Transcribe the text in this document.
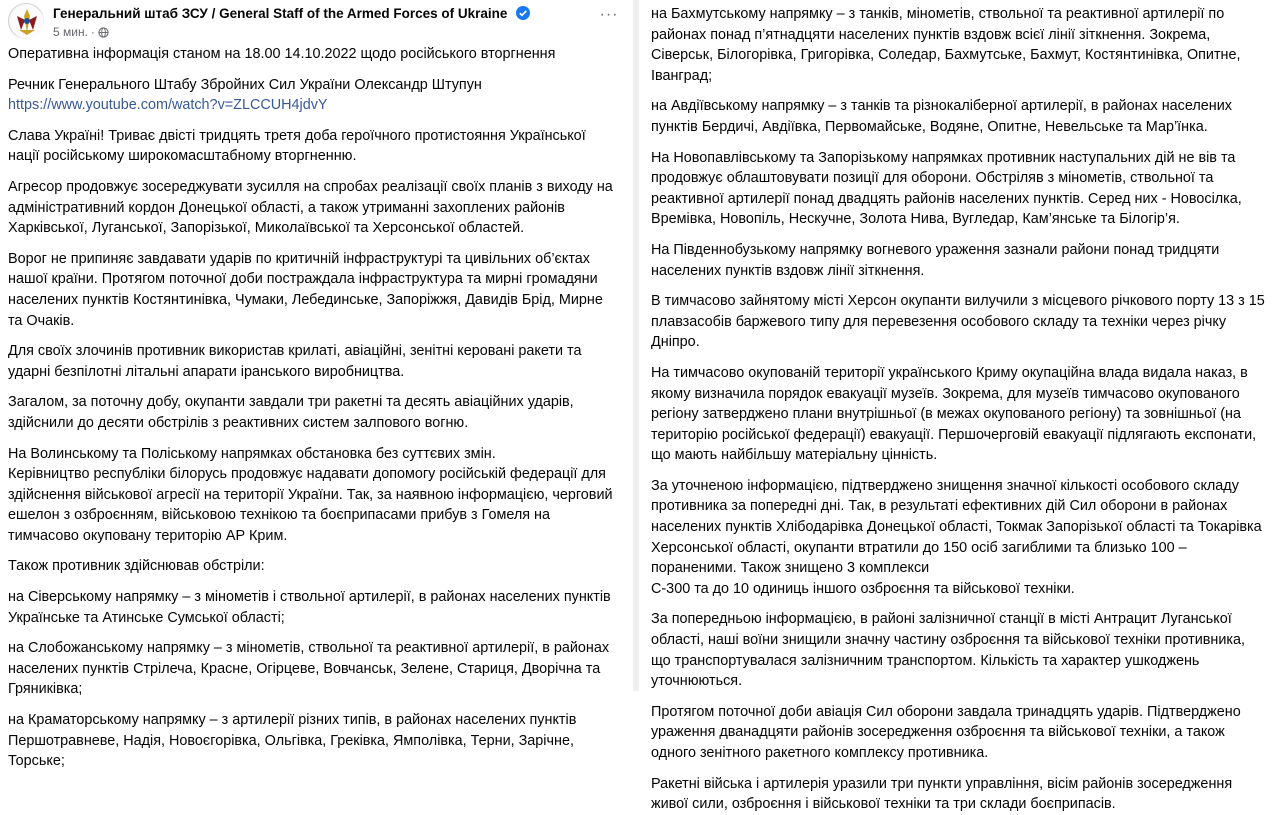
Генеральний штаб ЗСУ / General Staff of the Armed Forces of Ukraine
5 мин. ·
···

Оперативна інформація станом на 18.00 14.10.2022 щодо російського вторгнення

Речник Генерального Штабу Збройних Сил України Олександр Штупун
https://www.youtube.com/watch?v=ZLCCUH4jdvY

Слава Україні! Триває двісті тридцять третя доба героїчного протистояння Української нації російському широкомасштабному вторгненню.

Агресор продовжує зосереджувати зусилля на спробах реалізації своїх планів з виходу на адміністративний кордон Донецької області, а також утриманні захоплених районів Харківської, Луганської, Запорізької, Миколаївської та Херсонської областей.

Ворог не припиняє завдавати ударів по критичній інфраструктурі та цивільних об’єктах нашої країни. Протягом поточної доби постраждала інфраструктура та мирні громадяни населених пунктів Костянтинівка, Чумаки, Лебединське, Запоріжжя, Давидів Брід, Мирне та Очаків.

Для своїх злочинів противник використав крилаті, авіаційні, зенітні керовані ракети та ударні безпілотні літальні апарати іранського виробництва.

Загалом, за поточну добу, окупанти завдали три ракетні та десять авіаційних ударів, здійснили до десяти обстрілів з реактивних систем залпового вогню.

На Волинському та Поліському напрямках обстановка без суттєвих змін.
Керівництво республіки білорусь продовжує надавати допомогу російській федерації для здійснення військової агресії на території України. Так, за наявною інформацією, черговий ешелон з озброєнням, військовою технікою та боєприпасами прибув з Гомеля на тимчасово окуповану територію АР Крим.

Також противник здійснював обстріли:

на Сіверському напрямку – з мінометів і ствольної артилерії, в районах населених пунктів Українське та Атинське Сумської області;

на Слобожанському напрямку – з мінометів, ствольної та реактивної артилерії, в районах населених пунктів Стрілеча, Красне, Огірцеве, Вовчанськ, Зелене, Стариця, Дворічна та Гряниківка;

на Краматорському напрямку – з артилерії різних типів, в районах населених пунктів Першотравневе, Надія, Новоєгорівка, Ольгівка, Греківка, Ямполівка, Терни, Зарічне, Торське;

на Бахмутському напрямку – з танків, мінометів, ствольної та реактивної артилерії по районах понад п’ятнадцяти населених пунктів вздовж всієї лінії зіткнення. Зокрема, Сіверськ, Білогорівка, Григорівка, Соледар, Бахмутське, Бахмут, Костянтинівка, Опитне, Іванград;

на Авдіївському напрямку – з танків та різнокаліберної артилерії, в районах населених пунктів Бердичі, Авдіївка, Первомайське, Водяне, Опитне, Невельське та Мар’їнка.

На Новопавлівському та Запорізькому напрямках противник наступальних дій не вів та продовжує облаштовувати позиції для оборони. Обстріляв з мінометів, ствольної та реактивної артилерії понад двадцять районів населених пунктів. Серед них - Новосілка, Времівка, Новопіль, Нескучне, Золота Нива, Вугледар, Кам’янське та Білогір’я.

На Південнобузькому напрямку вогневого ураження зазнали райони понад тридцяти населених пунктів вздовж лінії зіткнення.

В тимчасово зайнятому місті Херсон окупанти вилучили з місцевого річкового порту 13 з 15 плавзасобів баржевого типу для перевезення особового складу та техніки через річку Дніпро.

На тимчасово окупованій території українського Криму окупаційна влада видала наказ, в якому визначила порядок евакуації музеїв. Зокрема, для музеїв тимчасово окупованого регіону затверджено плани внутрішньої (в межах окупованого регіону) та зовнішньої (на територію російської федерації) евакуації. Першочерговій евакуації підлягають експонати, що мають найбільшу матеріальну цінність.

За уточненою інформацією, підтверджено знищення значної кількості особового складу противника за попередні дні. Так, в результаті ефективних дій Сил оборони в районах населених пунктів Хлібодарівка Донецької області, Токмак Запорізької області та Токарівка Херсонської області, окупанти втратили до 150 осіб загиблими та близько 100 – пораненими. Також знищено 3 комплекси
С-300 та до 10 одиниць іншого озброєння та військової техніки.

За попередньою інформацією, в районі залізничної станції в місті Антрацит Луганської області, наші воїни знищили значну частину озброєння та військової техніки противника, що транспортувалася залізничним транспортом. Кількість та характер ушкоджень уточнюються.

Протягом поточної доби авіація Сил оборони завдала тринадцять ударів. Підтверджено ураження дванадцяти районів зосередження озброєння та військової техніки, а також одного зенітного ракетного комплексу противника.

Ракетні війська і артилерія уразили три пункти управління, вісім районів зосередження живої сили, озброєння і військової техніки та три склади боєприпасів.
